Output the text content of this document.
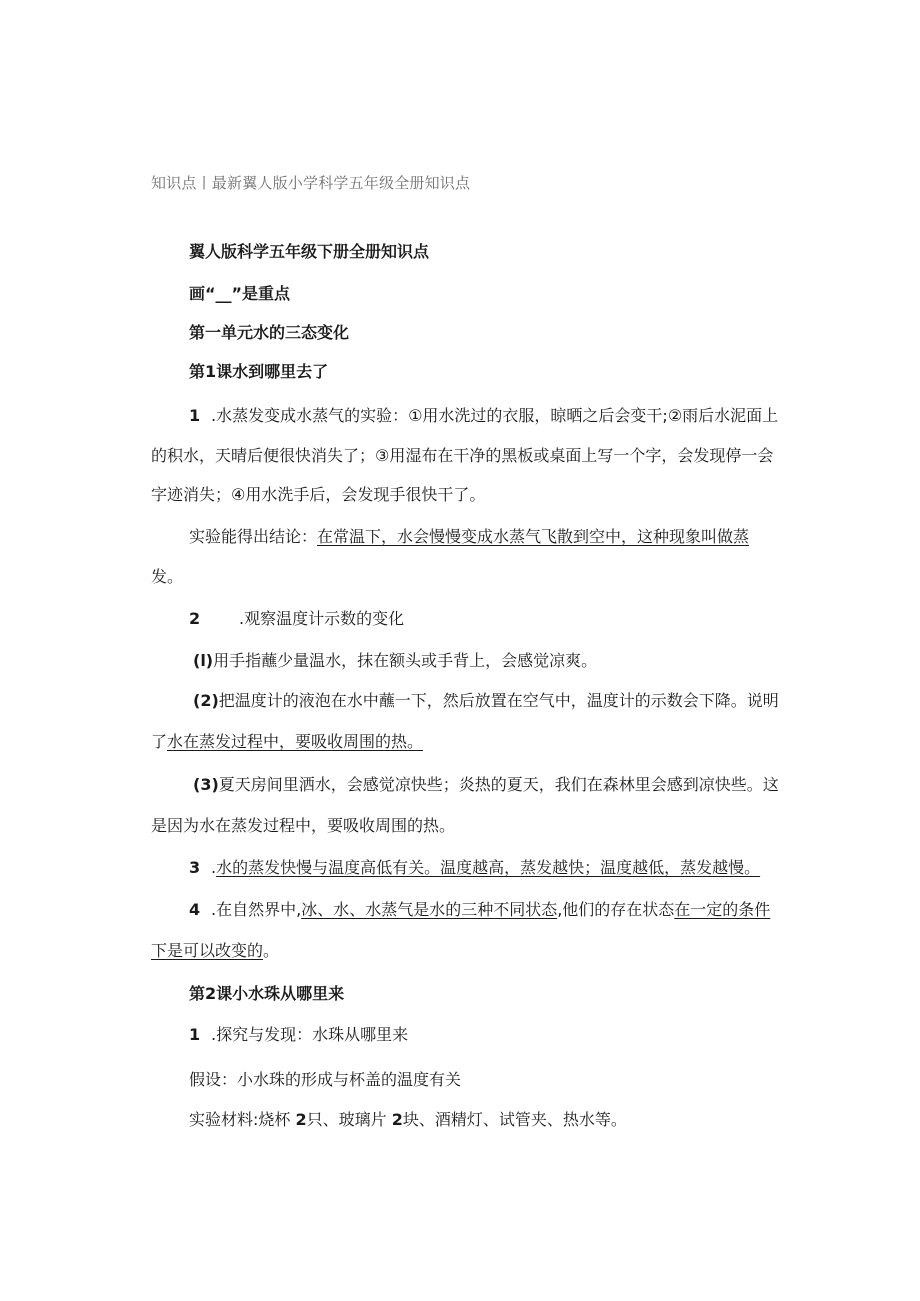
知识点丨最新翼人版小学科学五年级全册知识点
翼人版科学五年级下册全册知识点
画“__”是重点
第一单元水的三态变化
第1课水到哪里去了
1 .水蒸发变成水蒸气的实验：①用水洗过的衣服，晾晒之后会变干;②雨后水泥面上
的积水，天晴后便很快消失了；③用湿布在干净的黑板或桌面上写一个字，会发现停一会
字迹消失；④用水洗手后，会发现手很快干了。
实验能得出结论：在常温下，水会慢慢变成水蒸气飞散到空中，这种现象叫做蒸
发。
2 .观察温度计示数的变化
(l)用手指蘸少量温水，抹在额头或手背上，会感觉凉爽。
(2)把温度计的液泡在水中蘸一下，然后放置在空气中，温度计的示数会下降。说明
了水在蒸发过程中，要吸收周围的热。
(3)夏天房间里洒水，会感觉凉快些；炎热的夏天，我们在森林里会感到凉快些。这
是因为水在蒸发过程中，要吸收周围的热。
3 .水的蒸发快慢与温度高低有关。温度越高，蒸发越快；温度越低，蒸发越慢。
4 .在自然界中,冰、水、水蒸气是水的三种不同状态,他们的存在状态在一定的条件
下是可以改变的。
第2课小水珠从哪里来
1 .探究与发现：水珠从哪里来
假设：小水珠的形成与杯盖的温度有关
实验材料:烧杯 2只、玻璃片 2块、酒精灯、试管夹、热水等。
